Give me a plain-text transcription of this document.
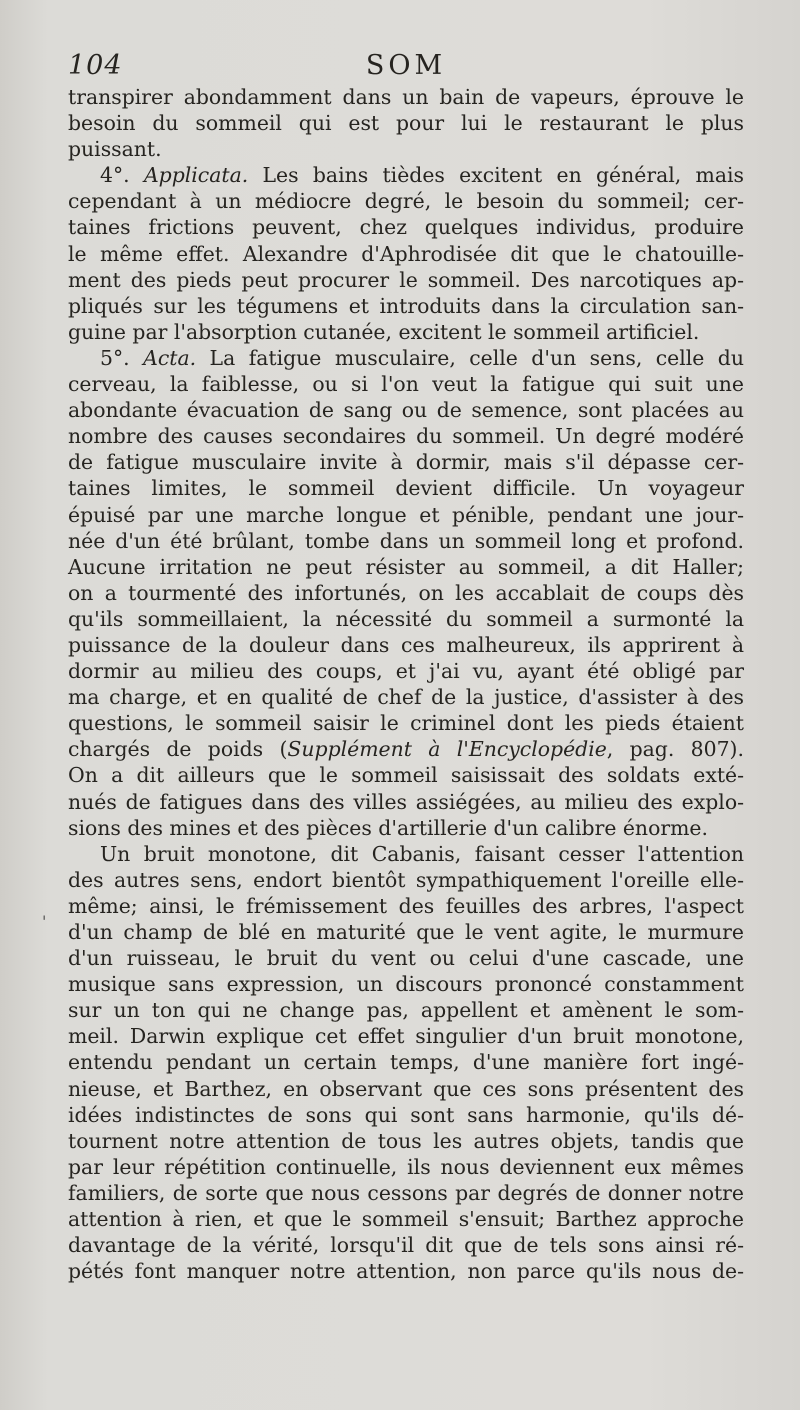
104	SOM
'
transpirer abondamment dans un bain de vapeurs, éprouve le
besoin du sommeil qui est pour lui le restaurant le plus
puissant.
4°. Applicata. Les bains tièdes excitent en général, mais
cependant à un médiocre degré, le besoin du sommeil; cer-
taines frictions peuvent, chez quelques individus, produire
le même effet. Alexandre d'Aphrodisée dit que le chatouille-
ment des pieds peut procurer le sommeil. Des narcotiques ap-
pliqués sur les tégumens et introduits dans la circulation san-
guine par l'absorption cutanée, excitent le sommeil artificiel.
5°. Acta. La fatigue musculaire, celle d'un sens, celle du
cerveau, la faiblesse, ou si l'on veut la fatigue qui suit une
abondante évacuation de sang ou de semence, sont placées au
nombre des causes secondaires du sommeil. Un degré modéré
de fatigue musculaire invite à dormir, mais s'il dépasse cer-
taines limites, le sommeil devient difficile. Un voyageur
épuisé par une marche longue et pénible, pendant une jour-
née d'un été brûlant, tombe dans un sommeil long et profond.
Aucune irritation ne peut résister au sommeil, a dit Haller;
on a tourmenté des infortunés, on les accablait de coups dès
qu'ils sommeillaient, la nécessité du sommeil a surmonté la
puissance de la douleur dans ces malheureux, ils apprirent à
dormir au milieu des coups, et j'ai vu, ayant été obligé par
ma charge, et en qualité de chef de la justice, d'assister à des
questions, le sommeil saisir le criminel dont les pieds étaient
chargés de poids (Supplément à l'Encyclopédie, pag. 807).
On a dit ailleurs que le sommeil saisissait des soldats exté-
nués de fatigues dans des villes assiégées, au milieu des explo-
sions des mines et des pièces d'artillerie d'un calibre énorme.
Un bruit monotone, dit Cabanis, faisant cesser l'attention
des autres sens, endort bientôt sympathiquement l'oreille elle-
même; ainsi, le frémissement des feuilles des arbres, l'aspect
d'un champ de blé en maturité que le vent agite, le murmure
d'un ruisseau, le bruit du vent ou celui d'une cascade, une
musique sans expression, un discours prononcé constamment
sur un ton qui ne change pas, appellent et amènent le som-
meil. Darwin explique cet effet singulier d'un bruit monotone,
entendu pendant un certain temps, d'une manière fort ingé-
nieuse, et Barthez, en observant que ces sons présentent des
idées indistinctes de sons qui sont sans harmonie, qu'ils dé-
tournent notre attention de tous les autres objets, tandis que
par leur répétition continuelle, ils nous deviennent eux mêmes
familiers, de sorte que nous cessons par degrés de donner notre
attention à rien, et que le sommeil s'ensuit; Barthez approche
davantage de la vérité, lorsqu'il dit que de tels sons ainsi ré-
pétés font manquer notre attention, non parce qu'ils nous de-
